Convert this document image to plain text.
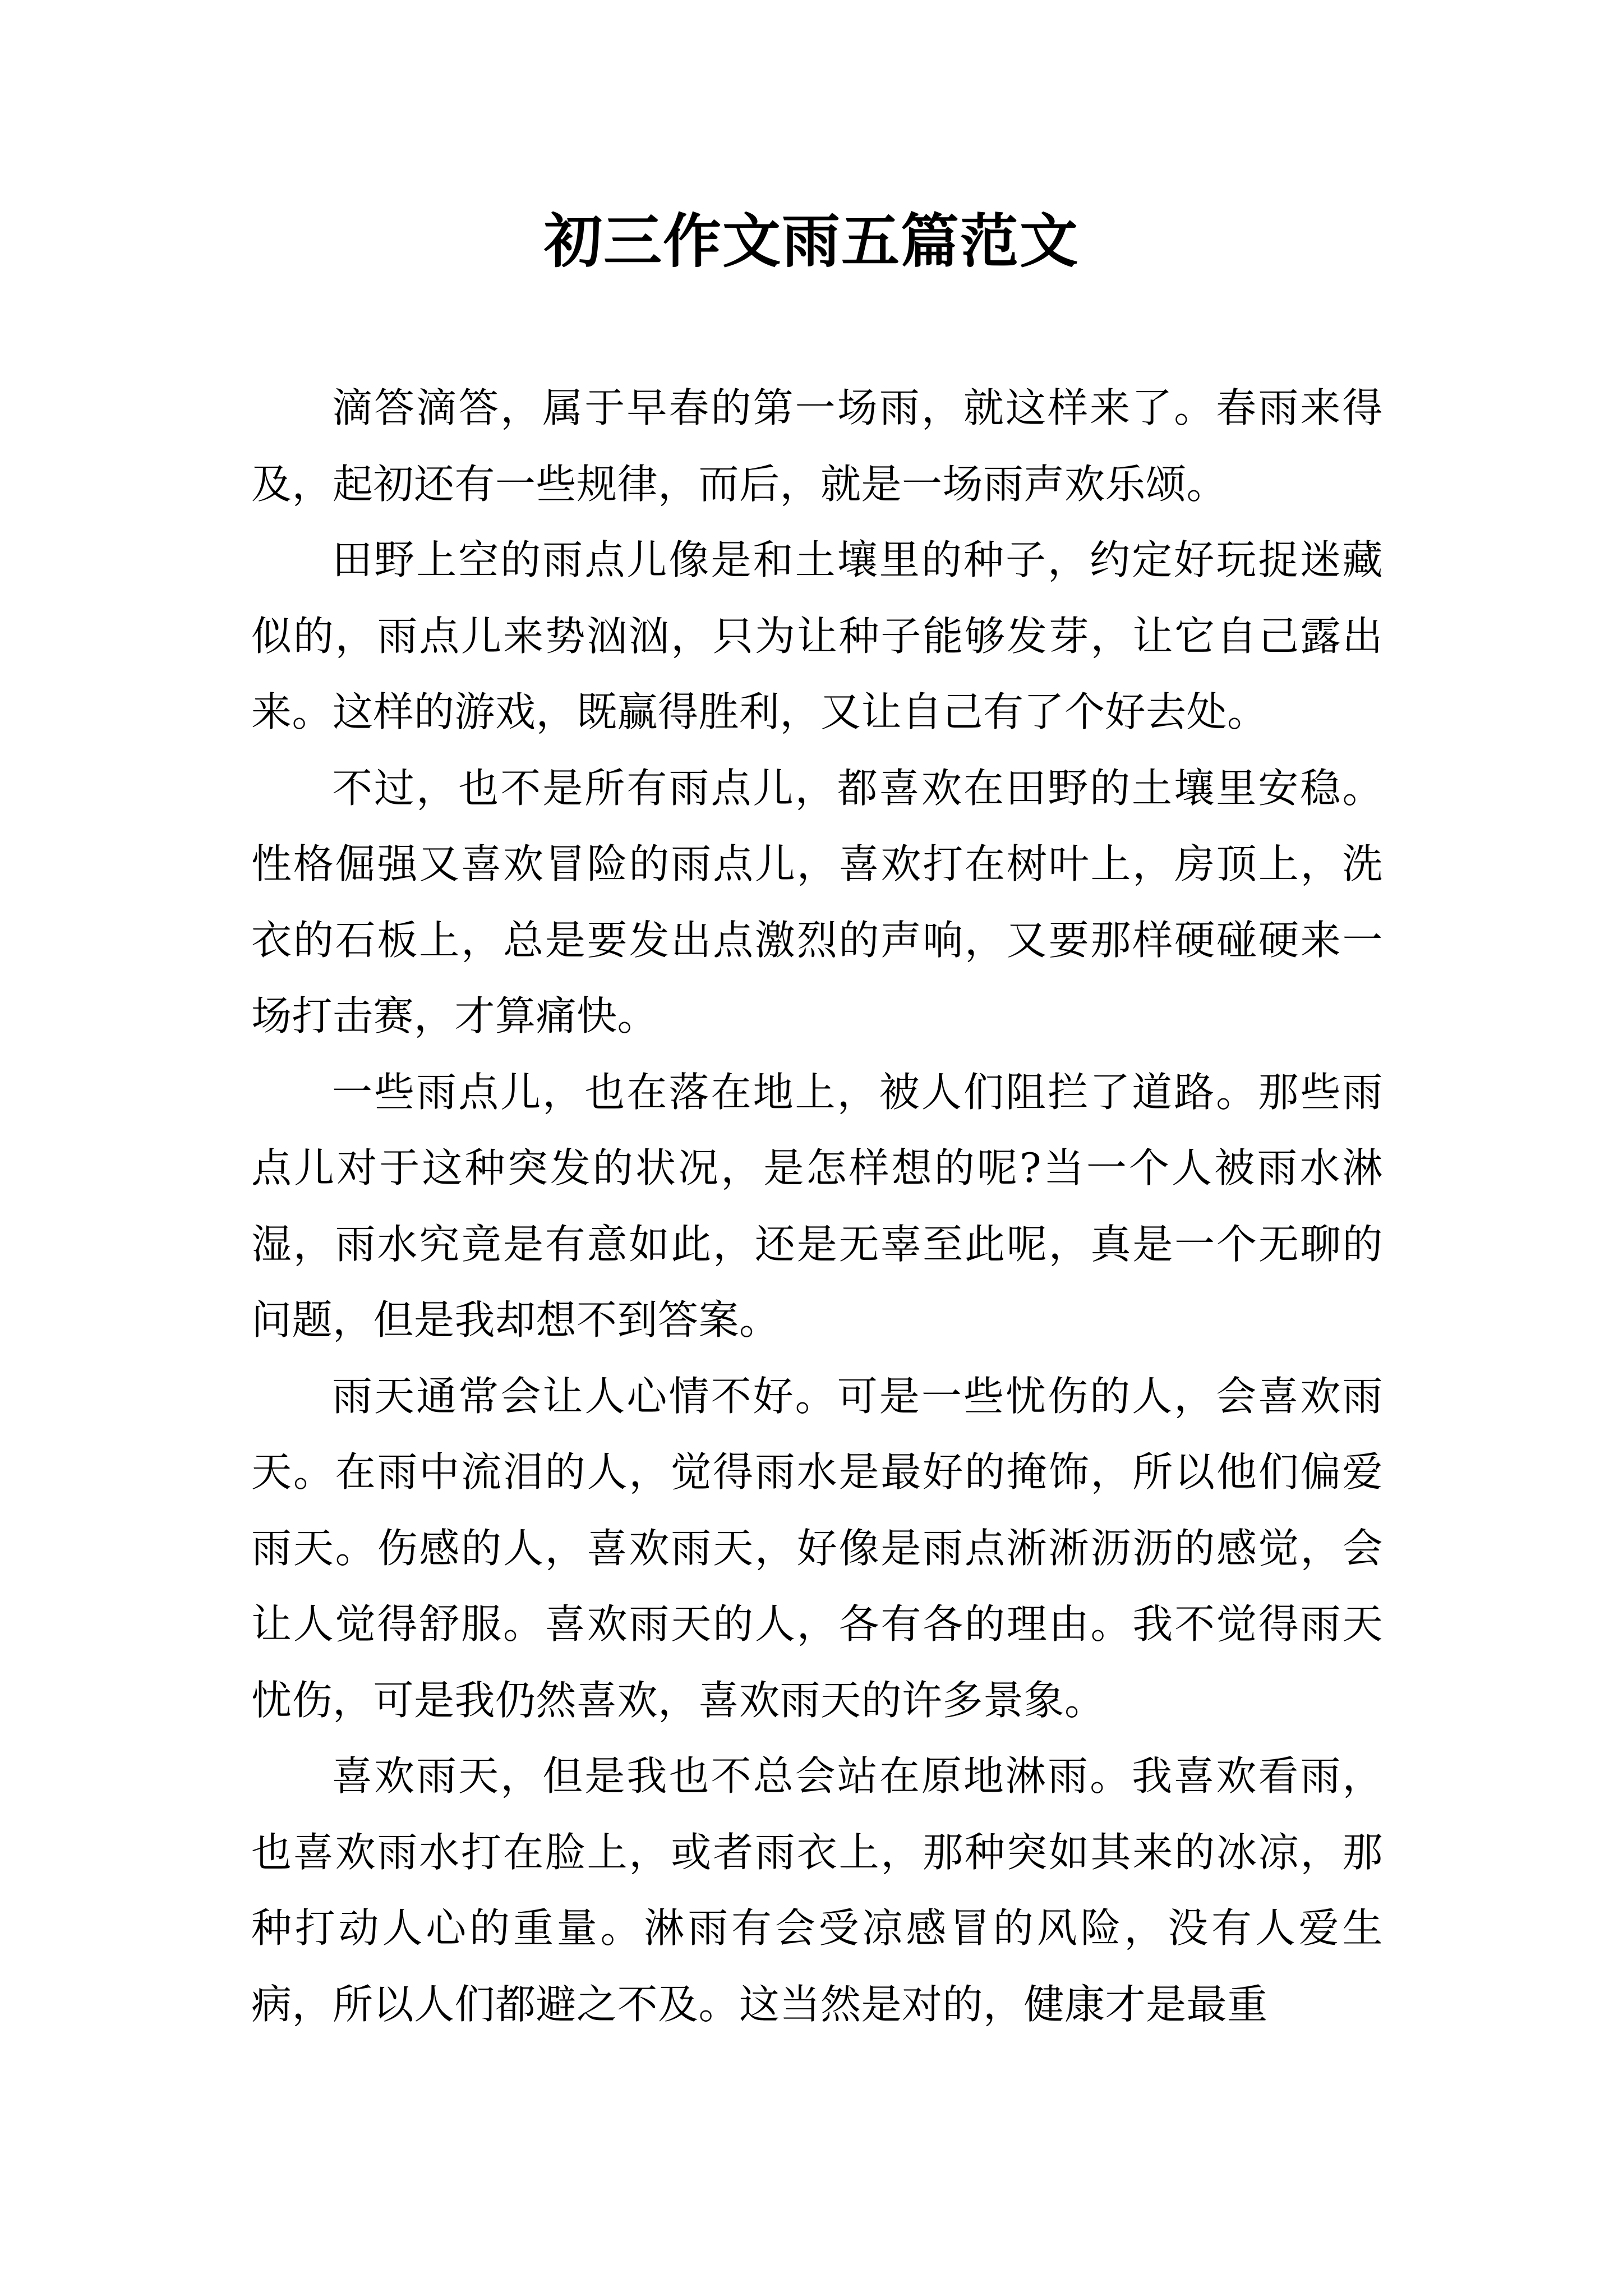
初三作文雨五篇范文

滴答滴答，属于早春的第一场雨，就这样来了。春雨来得及，起初还有一些规律，而后，就是一场雨声欢乐颂。

田野上空的雨点儿像是和土壤里的种子，约定好玩捉迷藏似的，雨点儿来势汹汹，只为让种子能够发芽，让它自己露出来。这样的游戏，既赢得胜利，又让自己有了个好去处。

不过，也不是所有雨点儿，都喜欢在田野的土壤里安稳。性格倔强又喜欢冒险的雨点儿，喜欢打在树叶上，房顶上，洗衣的石板上，总是要发出点激烈的声响，又要那样硬碰硬来一场打击赛，才算痛快。

一些雨点儿，也在落在地上，被人们阻拦了道路。那些雨点儿对于这种突发的状况，是怎样想的呢?当一个人被雨水淋湿，雨水究竟是有意如此，还是无辜至此呢，真是一个无聊的问题，但是我却想不到答案。

雨天通常会让人心情不好。可是一些忧伤的人，会喜欢雨天。在雨中流泪的人，觉得雨水是最好的掩饰，所以他们偏爱雨天。伤感的人，喜欢雨天，好像是雨点淅淅沥沥的感觉，会让人觉得舒服。喜欢雨天的人，各有各的理由。我不觉得雨天忧伤，可是我仍然喜欢，喜欢雨天的许多景象。

喜欢雨天，但是我也不总会站在原地淋雨。我喜欢看雨，也喜欢雨水打在脸上，或者雨衣上，那种突如其来的冰凉，那种打动人心的重量。淋雨有会受凉感冒的风险，没有人爱生病，所以人们都避之不及。这当然是对的，健康才是最重
